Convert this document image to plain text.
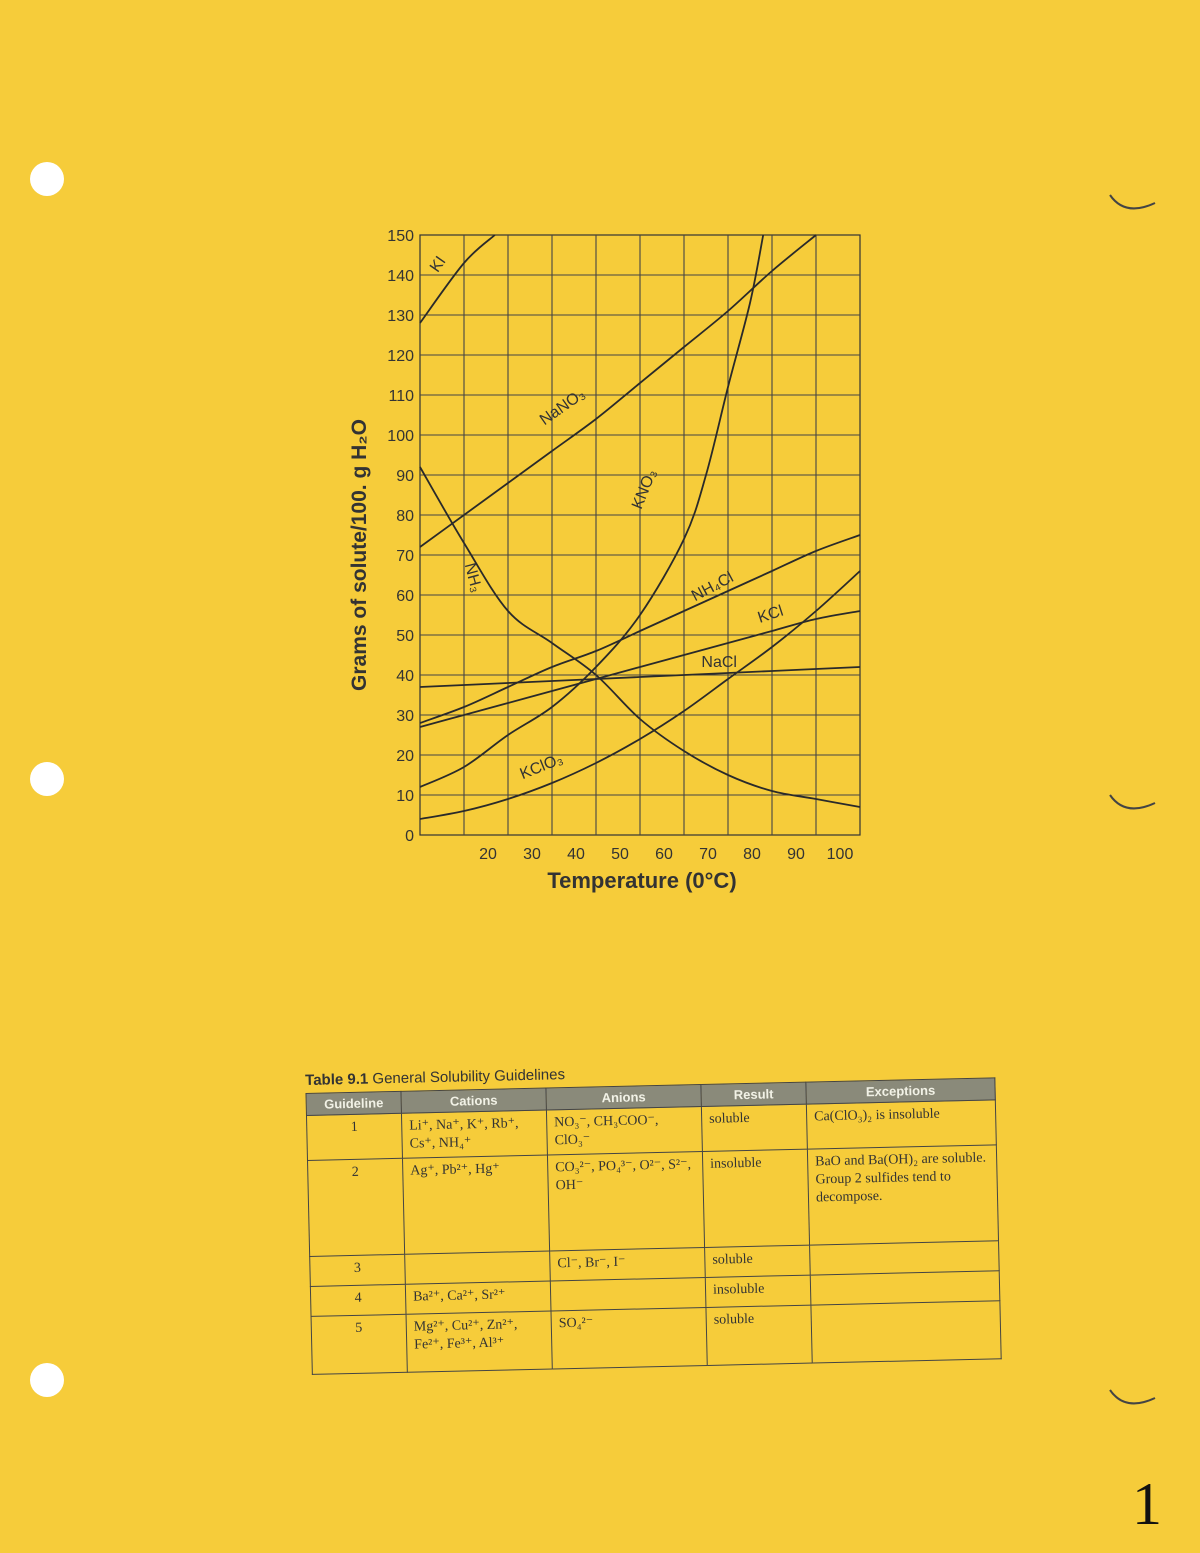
KI
NaNO₃
KNO₃
NH₃	NH₄Cl
KCl
NaCl
KClO₃
0
10
20
30
40
50
60
70
80
90
100
110
120
130
140
150
20 30 40 50 60 70 80 90 100
Grams of solute/100. g H₂O
Temperature (0°C)
Table 9.1 General Solubility Guidelines
Guideline	Cations	Anions	Result	Exceptions
1	Li⁺, Na⁺, K⁺, Rb⁺, Cs⁺, NH₄⁺	NO₃⁻, CH₃COO⁻, ClO₃⁻	soluble	Ca(ClO₃)₂ is insoluble
2	Ag⁺, Pb²⁺, Hg⁺	CO₃²⁻, PO₄³⁻, O²⁻, S²⁻, OH⁻	insoluble	BaO and Ba(OH)₂ are soluble. Group 2 sulfides tend to decompose.
3		Cl⁻, Br⁻, I⁻	soluble	
4	Ba²⁺, Ca²⁺, Sr²⁺		insoluble	
5	Mg²⁺, Cu²⁺, Zn²⁺, Fe²⁺, Fe³⁺, Al³⁺	SO₄²⁻	soluble	
1
